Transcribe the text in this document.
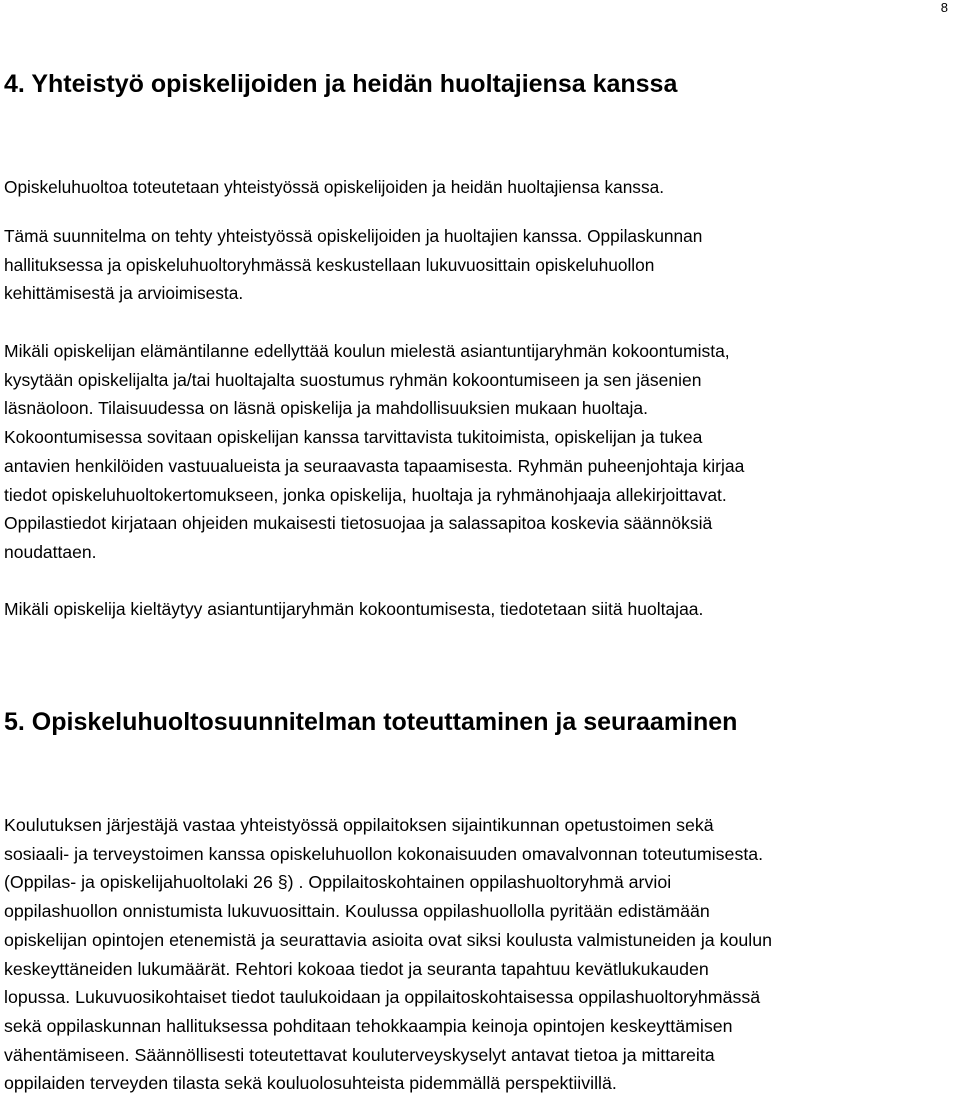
8
4. Yhteistyö opiskelijoiden ja heidän huoltajiensa kanssa

Opiskeluhuoltoa toteutetaan yhteistyössä opiskelijoiden ja heidän huoltajiensa kanssa.

Tämä suunnitelma on tehty yhteistyössä opiskelijoiden ja huoltajien kanssa. Oppilaskunnan
hallituksessa ja opiskeluhuoltoryhmässä keskustellaan lukuvuosittain opiskeluhuollon
kehittämisestä ja arvioimisesta.

Mikäli opiskelijan elämäntilanne edellyttää koulun mielestä asiantuntijaryhmän kokoontumista,
kysytään opiskelijalta ja/tai huoltajalta suostumus ryhmän kokoontumiseen ja sen jäsenien
läsnäoloon. Tilaisuudessa on läsnä opiskelija ja mahdollisuuksien mukaan huoltaja.
Kokoontumisessa sovitaan opiskelijan kanssa tarvittavista tukitoimista, opiskelijan ja tukea
antavien henkilöiden vastuualueista ja seuraavasta tapaamisesta. Ryhmän puheenjohtaja kirjaa
tiedot opiskeluhuoltokertomukseen, jonka opiskelija, huoltaja ja ryhmänohjaaja allekirjoittavat.
Oppilastiedot kirjataan ohjeiden mukaisesti tietosuojaa ja salassapitoa koskevia säännöksiä
noudattaen.

Mikäli opiskelija kieltäytyy asiantuntijaryhmän kokoontumisesta, tiedotetaan siitä huoltajaa.

5. Opiskeluhuoltosuunnitelman toteuttaminen ja seuraaminen

Koulutuksen järjestäjä vastaa yhteistyössä oppilaitoksen sijaintikunnan opetustoimen sekä
sosiaali- ja terveystoimen kanssa opiskeluhuollon kokonaisuuden omavalvonnan toteutumisesta.
(Oppilas- ja opiskelijahuoltolaki 26 §) . Oppilaitoskohtainen oppilashuoltoryhmä arvioi
oppilashuollon onnistumista lukuvuosittain. Koulussa oppilashuollolla pyritään edistämään
opiskelijan opintojen etenemistä ja seurattavia asioita ovat siksi koulusta valmistuneiden ja koulun
keskeyttäneiden lukumäärät. Rehtori kokoaa tiedot ja seuranta tapahtuu kevätlukukauden
lopussa. Lukuvuosikohtaiset tiedot taulukoidaan ja oppilaitoskohtaisessa oppilashuoltoryhmässä
sekä oppilaskunnan hallituksessa pohditaan tehokkaampia keinoja opintojen keskeyttämisen
vähentämiseen. Säännöllisesti toteutettavat kouluterveyskyselyt antavat tietoa ja mittareita
oppilaiden terveyden tilasta sekä kouluolosuhteista pidemmällä perspektiivillä.
